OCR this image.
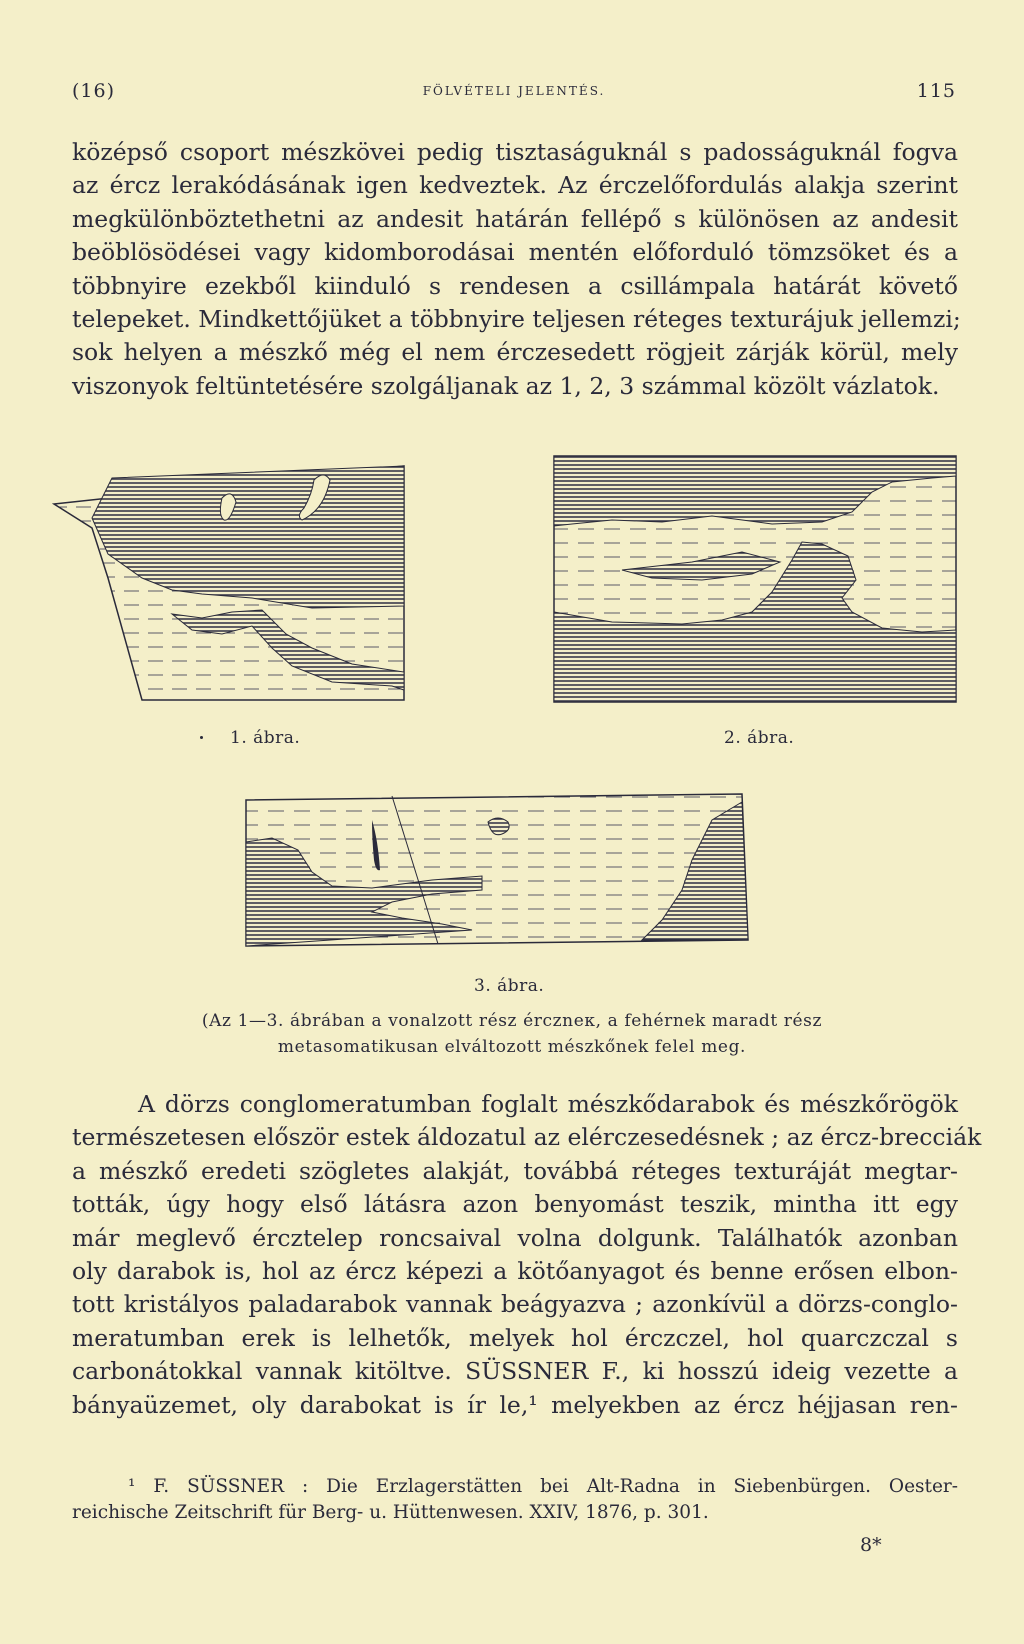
(16)	FÖLVÉTELI JELENTÉS.	115
középső csoport mészkövei pedig tisztaságuknál s padosságuknál fogva
az ércz lerakódásának igen kedveztek. Az érczelőfordulás alakja szerint
megkülönböztethetni az andesit határán fellépő s különösen az andesit
beöblösödései vagy kidomborodásai mentén előforduló tömzsöket és a
többnyire ezekből kiinduló s rendesen a csillámpala határát követő
telepeket. Mindkettőjüket a többnyire teljesen réteges texturájuk jellemzi;
sok helyen a mészkő még el nem érczesedett rögjeit zárják körül, mely
viszonyok feltüntetésére szolgáljanak az 1, 2, 3 számmal közölt vázlatok.
1. ábra.	2. ábra.
3. ábra.
(Az 1—3. ábrában a vonalzott rész érczneк, a fehérnek maradt rész
metasomatikusan elváltozott mészkőnek felel meg.
A dörzs conglomeratumban foglalt mészkődarabok és mészkőrögök
természetesen először estek áldozatul az elérczesedésnek ; az ércz-brecciák
a mészkő eredeti szögletes alakját, továbbá réteges texturáját megtar-
tották, úgy hogy első látásra azon benyomást teszik, mintha itt egy
már meglevő érczteleр roncsaival volna dolgunk. Találhatók azonban
oly darabok is, hol az ércz képezi a kötőanyagot és benne erősen elbon-
tott kristályos paladarabok vannak beágyazva ; azonkívül a dörzs-conglo-
meratumban erek is lelhetők, melyek hol érczczel, hol quarczczal s
carbonátokkal vannak kitöltve. SÜSSNER F., ki hosszú ideig vezette a
bányaüzemet, oly darabokat is ír le,¹ melyekben az ércz héjjasan ren-
¹ F. SÜSSNER : Die Erzlagerstätten bei Alt-Radna in Siebenbürgen. Oester-
reichische Zeitschrift für Berg- u. Hüttenwesen. XXIV, 1876, p. 301.
8*
